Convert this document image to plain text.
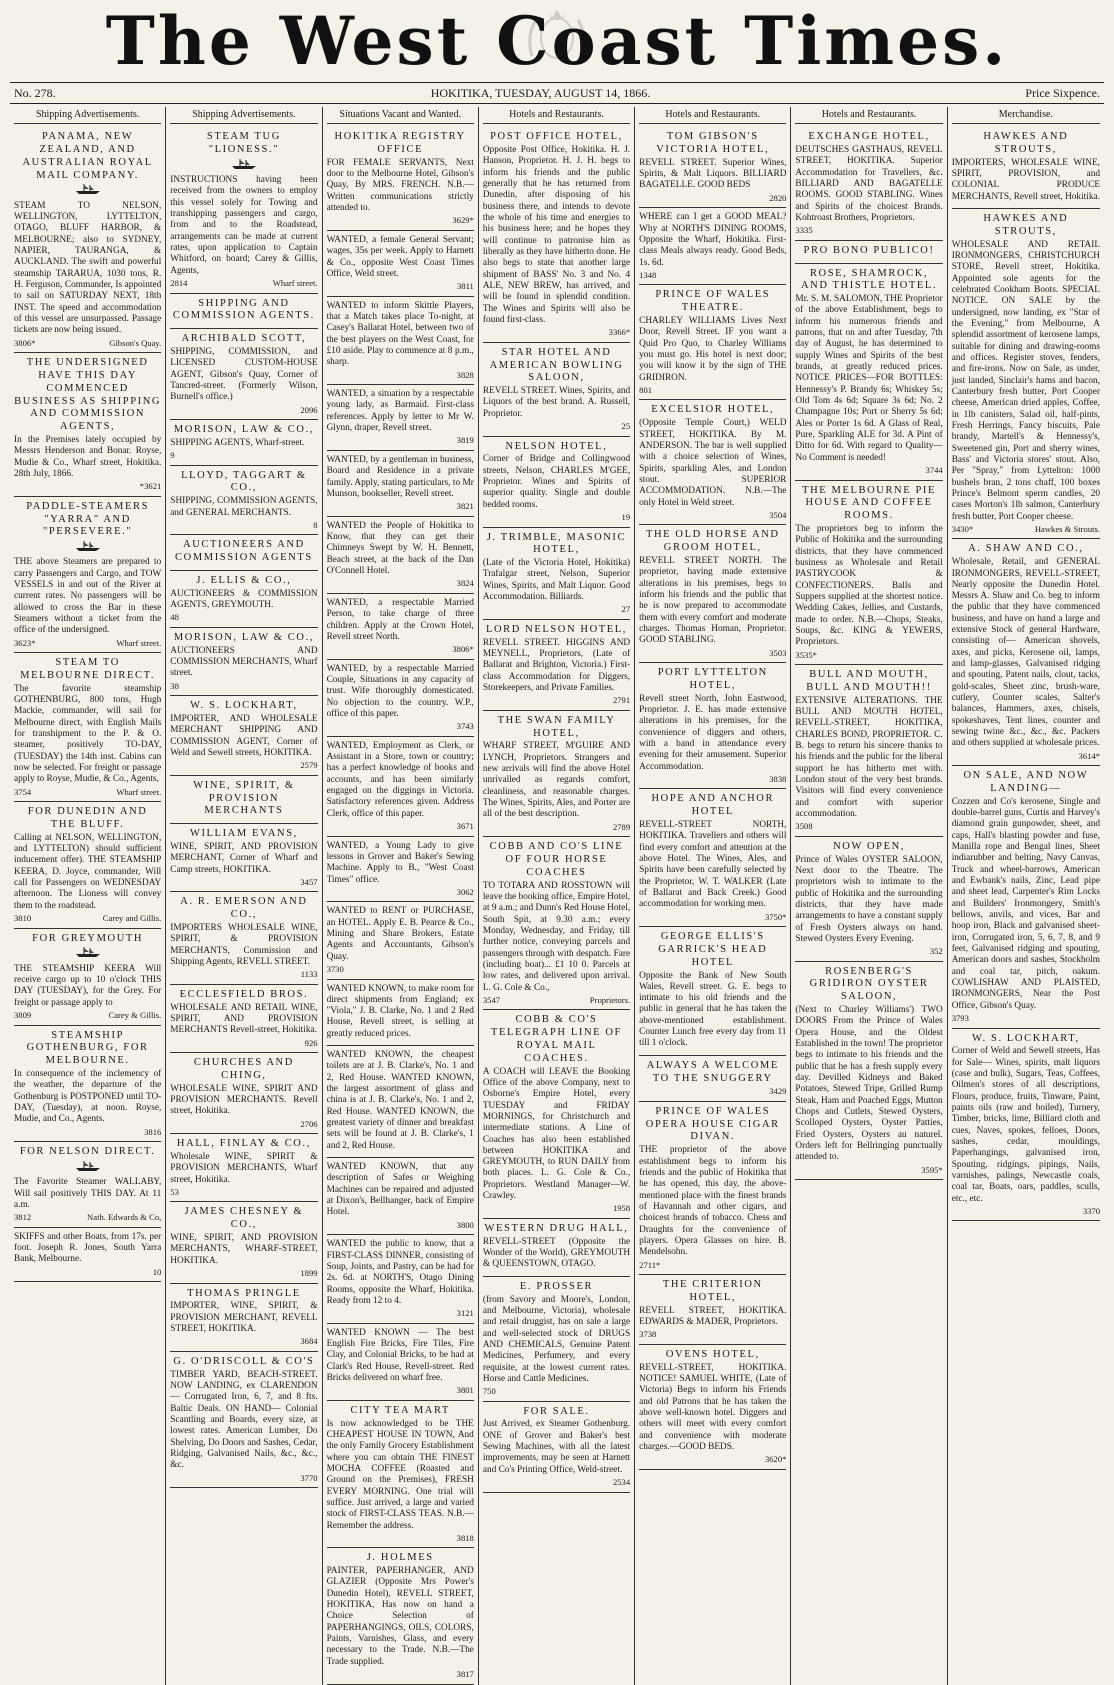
The West Coast Times.
No. 278.	HOKITIKA, TUESDAY, AUGUST 14, 1866.	Price Sixpence.
Shipping Advertisements.
PANAMA, NEW ZEALAND, AND AUSTRALIAN ROYAL MAIL COMPANY.

STEAM TO NELSON, WELLINGTON, LYTTELTON, OTAGO, BLUFF HARBOR, & MELBOURNE; also to SYDNEY, NAPIER, TAURANGA, & AUCKLAND. The swift and powerful steamship TARARUA, 1030 tons, R. H. Ferguson, Commander, Is appointed to sail on SATURDAY NEXT, 18th INST. The speed and accommodation of this vessel are unsurpassed. Passage tickets are now being issued.

3806*	Gibson's Quay.
THE UNDERSIGNED HAVE THIS DAY COMMENCED BUSINESS AS SHIPPING AND COMMISSION AGENTS,

In the Premises lately occupied by Messrs Henderson and Bonar. Royse, Mudie & Co., Wharf street, Hokitika. 28th July, 1866.

*3621
PADDLE-STEAMERS "YARRA" AND "PERSEVERE."

THE above Steamers are prepared to carry Passengers and Cargo, and TOW VESSELS in and out of the River at current rates. No passengers will be allowed to cross the Bar in these Steamers without a ticket from the office of the undersigned.

3623*	Wharf street.
STEAM TO MELBOURNE DIRECT.

The favorite steamship GOTHENBURG, 800 tons, Hugh Mackie, commander, will sail for Melbourne direct, with English Mails for transhipment to the P. & O. steamer, positively TO-DAY, (TUESDAY) the 14th inst. Cabins can now be selected. For freight or passage apply to Royse, Mudie, & Co., Agents,

3754	Wharf street.
FOR DUNEDIN AND THE BLUFF.

Calling at NELSON, WELLINGTON, and LYTTELTON) should sufficient inducement offer). THE STEAMSHIP KEERA, D. Joyce, commander, Will call for Passengers on WEDNESDAY afternoon. The Lioness will convey them to the roadstead.

3810	Carey and Gillis.
FOR GREYMOUTH

THE STEAMSHIP KEERA Will receive cargo up to 10 o'clock THIS DAY (TUESDAY), for the Grey. For freight or passage apply to

3809	Carey & Gillis.
STEAMSHIP GOTHENBURG, FOR MELBOURNE.

In consequence of the inclemency of the weather, the departure of the Gothenburg is POSTPONED until TO-DAY, (Tuesday), at noon. Royse, Mudie, and Co., Agents.

3816
FOR NELSON DIRECT.

The Favorite Steamer WALLABY, Will sail positively THIS DAY. At 11 a.m.

3812	Nath. Edwards & Co,

SKIFFS and other Boats, from 17s. per foot. Joseph R. Jones, South Yarra Bank, Melbourne.

10
Shipping Advertisements.
STEAM TUG "LIONESS."

INSTRUCTIONS having been received from the owners to employ this vessel solely for Towing and transhipping passengers and cargo, from and to the Roadstead, arrangements can be made at current rates, upon application to Captain Whitford, on board; Carey & Gillis, Agents,

2814	Wharf street.
SHIPPING AND COMMISSION AGENTS.
ARCHIBALD SCOTT,

SHIPPING, COMMISSION, and LICENSED CUSTOM-HOUSE AGENT, Gibson's Quay, Corner of Tancred-street. (Formerly Wilson, Burnell's office.)

2096
MORISON, LAW & CO.,

SHIPPING AGENTS, Wharf-street.

9
LLOYD, TAGGART & CO.,

SHIPPING, COMMISSION AGENTS, and GENERAL MERCHANTS.

8
AUCTIONEERS AND COMMISSION AGENTS
J. ELLIS & CO.,

AUCTIONEERS & COMMISSION AGENTS, GREYMOUTH.

48
MORISON, LAW & CO.,

AUCTIONEERS AND COMMISSION MERCHANTS, Wharf street.

38
W. S. LOCKHART,

IMPORTER, AND WHOLESALE MERCHANT SHIPPING AND COMMISSION AGENT, Corner of Weld and Sewell streets, HOKITIKA.

2579
WINE, SPIRIT, & PROVISION MERCHANTS
WILLIAM EVANS,

WINE, SPIRIT, AND PROVISION MERCHANT, Corner of Wharf and Camp streets, HOKITIKA.

3457
A. R. EMERSON AND CO.,

IMPORTERS WHOLESALE WINE, SPIRIT, & PROVISION MERCHANTS, Commission and Shipping Agents, REVELL STREET.

1133
ECCLESFIELD BROS.

WHOLESALE AND RETAIL WINE, SPIRIT, AND PROVISION MERCHANTS Revell-street, Hokitika.

926
CHURCHES AND CHING,

WHOLESALE WINE, SPIRIT AND PROVISION MERCHANTS. Revell street, Hokitika.

2706
HALL, FINLAY & CO.,

Wholesale WINE, SPIRIT & PROVISION MERCHANTS, Wharf street, Hokitika.

53
JAMES CHESNEY & CO.,

WINE, SPIRIT, AND PROVISION MERCHANTS, WHARF-STREET, HOKITIKA.

1899
THOMAS PRINGLE

IMPORTER, WINE, SPIRIT, & PROVISION MERCHANT, REVELL STREET, HOKITIKA.

3684
G. O'DRISCOLL & CO'S

TIMBER YARD, BEACH-STREET. NOW LANDING, ex CLARENDON— Corrugated Iron, 6, 7, and 8 fts. Baltic Deals. ON HAND— Colonial Scantling and Boards, every size, at lowest rates. American Lumber, Do Shelving, Do Doors and Sashes, Cedar, Ridging, Galvanised Nails, &c., &c., &c.

3770
Situations Vacant and Wanted.
HOKITIKA REGISTRY OFFICE

FOR FEMALE SERVANTS, Next door to the Melbourne Hotel, Gibson's Quay, By MRS. FRENCH. N.B.—Written communications strictly attended to.

3629*

WANTED, a female General Servant; wages, 35s per week. Apply to Harnett & Co., opposite West Coast Times Office, Weld street.

3811

WANTED to inform Skittle Players, that a Match takes place To-night, at Casey's Ballarat Hotel, between two of the best players on the West Coast, for £10 aside. Play to commence at 8 p.m., sharp.

3828

WANTED, a situation by a respectable young lady, as Barmaid. First-class references. Apply by letter to Mr W. Glynn, draper, Revell street.

3819

WANTED, by a gentleman in business, Board and Residence in a private family. Apply, stating particulars, to Mr Munson, bookseller, Revell street.

3821

WANTED the People of Hokitika to Know, that they can get their Chimneys Swept by W. H. Bennett, Beach street, at the back of the Dan O'Connell Hotel.

3824

WANTED, a respectable Married Person, to take charge of three children. Apply at the Crown Hotel, Revell street North.

3806*

WANTED, by a respectable Married Couple, Situations in any capacity of trust. Wife thoroughly domesticated. No objection to the country. W.P., office of this paper.

3743

WANTED, Employment as Clerk, or Assistant in a Store, town or country; has a perfect knowledge of books and accounts, and has been similarly engaged on the diggings in Victoria. Satisfactory references given. Address Clerk, office of this paper.

3671

WANTED, a Young Lady to give lessons in Grover and Baker's Sewing Machine. Apply to B., "West Coast Times" office.

3062

WANTED to RENT or PURCHASE, an HOTEL. Apply E. B. Pearce & Co., Mining and Share Brokers, Estate Agents and Accountants, Gibson's Quay.

3730

WANTED KNOWN, to make room for direct shipments from England; ex "Viola," J. B. Clarke, No. 1 and 2 Red House, Revell street, is selling at greatly reduced prices.

WANTED KNOWN, the cheapest toilets are at J. B. Clarke's, No. 1 and 2, Red House. WANTED KNOWN, the largest assortment of glass and china is at J. B. Clarke's, No. 1 and 2, Red House. WANTED KNOWN, the greatest variety of dinner and breakfast sets will be found at J. B. Clarke's, 1 and 2, Red House.

WANTED KNOWN, that any description of Safes or Weighing Machines can be repaired and adjusted at Dixon's, Bellhanger, back of Empire Hotel.

3800

WANTED the public to know, that a FIRST-CLASS DINNER, consisting of Soup, Joints, and Pastry, can be had for 2s. 6d. at NORTH'S, Otago Dining Rooms, opposite the Wharf, Hokitika. Ready from 12 to 4.

3121

WANTED KNOWN — The best English Fire Bricks, Fire Tiles, Fire Clay, and Colonial Bricks, to be had at Clark's Red House, Revell-street. Red Bricks delivered on wharf free.

3801
CITY TEA MART

Is now acknowledged to be THE CHEAPEST HOUSE IN TOWN, And the only Family Grocery Establishment where you can obtain THE FINEST MOCHA COFFEE (Roasted and Ground on the Premises), FRESH EVERY MORNING. One trial will suffice. Just arrived, a large and varied stock of FIRST-CLASS TEAS. N.B.—Remember the address.

3818
J. HOLMES

PAINTER, PAPERHANGER, AND GLAZIER (Opposite Mrs Power's Dunedin Hotel), REVELL STREET, HOKITIKA, Has now on hand a Choice Selection of PAPERHANGINGS, OILS, COLORS, Paints, Varnishes, Glass, and every necessary to the Trade. N.B.—The Trade supplied.

3817
Hotels and Restaurants.
POST OFFICE HOTEL,

Opposite Post Office, Hokitika. H. J. Hanson, Proprietor. H. J. H. begs to inform his friends and the public generally that he has returned from Dunedin, after disposing of his business there, and intends to devote the whole of his time and energies to his business here; and he hopes they will continue to patronise him as liberally as they have hitherto done. He also begs to state that another large shipment of BASS' No. 3 and No. 4 ALE, NEW BREW, has arrived, and will be found in splendid condition. The Wines and Spirits will also be found first-class.

3366*
STAR HOTEL AND AMERICAN BOWLING SALOON,

REVELL STREET. Wines, Spirits, and Liquors of the best brand. A. Russell, Proprietor.

25
NELSON HOTEL,

Corner of Bridge and Collingwood streets, Nelson, CHARLES M'GEE, Proprietor. Wines and Spirits of superior quality. Single and double bedded rooms.

19
J. TRIMBLE, MASONIC HOTEL,

(Late of the Victoria Hotel, Hokitika) Trafalgar street, Nelson, Superior Wines, Spirits, and Malt Liquor. Good Accommodation. Billiards.

27
LORD NELSON HOTEL,

REVELL STREET. HIGGINS AND MEYNELL, Proprietors, (Late of Ballarat and Brighton, Victoria.) First-class Accommodation for Diggers, Storekeepers, and Private Families.

2791
THE SWAN FAMILY HOTEL,

WHARF STREET, M'GUIRE AND LYNCH, Proprietors. Strangers and new arrivals will find the above Hotel unrivalled as regards comfort, cleanliness, and reasonable charges. The Wines, Spirits, Ales, and Porter are all of the best description.

2789
COBB AND CO'S LINE OF FOUR HORSE COACHES

TO TOTARA AND ROSSTOWN will leave the booking office, Empire Hotel, at 9 a.m.; and Dunn's Red House Hotel, South Spit, at 9.30 a.m.; every Monday, Wednesday, and Friday, till further notice, conveying parcels and passengers through with despatch. Fare (including boat)... £1 10 0. Parcels at low rates, and delivered upon arrival. L. G. Cole & Co.,

3547	Proprietors.
COBB & CO'S TELEGRAPH LINE OF ROYAL MAIL COACHES.

A COACH will LEAVE the Booking Office of the above Company, next to Osborne's Empire Hotel, every TUESDAY and FRIDAY MORNINGS, for Christchurch and intermediate stations. A Line of Coaches has also been established between HOKITIKA and GREYMOUTH, to RUN DAILY from both places. L. G. Cole & Co., Proprietors. Westland Manager—W. Crawley.

1958
WESTERN DRUG HALL,

REVELL-STREET (Opposite the Wonder of the World), GREYMOUTH & QUEENSTOWN, OTAGO.

E. PROSSER

(from Savory and Moore's, London, and Melbourne, Victoria), wholesale and retail druggist, has on sale a large and well-selected stock of DRUGS AND CHEMICALS, Genuine Patent Medicines, Perfumery, and every requisite, at the lowest current rates. Horse and Cattle Medicines.

750
FOR SALE.

Just Arrived, ex Steamer Gothenburg. ONE of Grover and Baker's best Sewing Machines, with all the latest improvements, may be seen at Harnett and Co's Printing Office, Weld-street.

2534
Hotels and Restaurants.
TOM GIBSON'S VICTORIA HOTEL,

REVELL STREET. Superior Wines, Spirits, & Malt Liquors. BILLIARD BAGATELLE. GOOD BEDS

2820

WHERE can I get a GOOD MEAL? Why at NORTH'S DINING ROOMS, Opposite the Wharf, Hokitika. First-class Meals always ready. Good Beds, 1s. 6d.

1348
PRINCE OF WALES THEATRE.

CHARLEY WILLIAMS Lives Next Door, Revell Street. IF you want a Quid Pro Quo, to Charley Williams you must go. His hotel is next door; you will know it by the sign of THE GRIDIRON.

801
EXCELSIOR HOTEL,

(Opposite Temple Court,) WELD STREET, HOKITIKA. By M. ANDERSON. The bar is well supplied with a choice selection of Wines, Spirits, sparkling Ales, and London stout. SUPERIOR ACCOMMODATION. N.B.—The only Hotel in Weld street.

3504
THE OLD HORSE AND GROOM HOTEL,

REVELL STREET NORTH. The proprietor, having made extensive alterations in his premises, begs to inform his friends and the public that he is now prepared to accommodate them with every comfort and moderate charges. Thomas Homan, Proprietor. GOOD STABLING.

3503
PORT LYTTELTON HOTEL,

Revell street North, John Eastwood, Proprietor. J. E. has made extensive alterations in his premises, for the convenience of diggers and others, with a band in attendance every evening for their amusement. Superior Accommodation.

3838
HOPE AND ANCHOR HOTEL

REVELL-STREET NORTH, HOKITIKA. Travellers and others will find every comfort and attention at the above Hotel. The Wines, Ales, and Spirits have been carefully selected by the Proprietor, W. T. WALKER (Late of Ballarat and Back Creek.) Good accommodation for working men.

3750*
GEORGE ELLIS'S GARRICK'S HEAD HOTEL

Opposite the Bank of New South Wales, Revell street. G. E. begs to intimate to his old friends and the public in general that he has taken the above-mentioned establishment. Counter Lunch free every day from 11 till 1 o'clock.

ALWAYS A WELCOME TO THE SNUGGERY
3429
PRINCE OF WALES OPERA HOUSE CIGAR DIVAN.

THE proprietor of the above establishment begs to inform his friends and the public of Hokitika that he has opened, this day, the above-mentioned place with the finest brands of Havannah and other cigars, and choicest brands of tobacco. Chess and Draughts for the convenience of players. Opera Glasses on hire. B. Mendelsohn.

2711*
THE CRITERION HOTEL,

REVELL STREET, HOKITIKA. EDWARDS & MADER, Proprietors.

3738
OVENS HOTEL,

REVELL-STREET, HOKITIKA. NOTICE! SAMUEL WHITE, (Late of Victoria) Begs to inform his Friends and old Patrons that he has taken the above well-known hotel. Diggers and others will meet with every comfort and convenience with moderate charges.—GOOD BEDS.

3620*
Hotels and Restaurants.
EXCHANGE HOTEL,

DEUTSCHES GASTHAUS, REVELL STREET, HOKITIKA. Superior Accommodation for Travellers, &c. BILLIARD AND BAGATELLE ROOMS. GOOD STABLING. Wines and Spirits of the choicest Brands. Kohtroast Brothers, Proprietors.

3335
PRO BONO PUBLICO!
ROSE, SHAMROCK, AND THISTLE HOTEL.

Mr. S. M. SALOMON, THE Proprietor of the above Establishment, begs to inform his numerous friends and patrons, that on and after Tuesday, 7th day of August, he has determined to supply Wines and Spirits of the best brands, at greatly reduced prices. NOTICE PRICES—FOR BOTTLES: Hennessy's P. Brandy 6s; Whiskey 5s; Old Tom 4s 6d; Square 3s 6d; No. 2 Champagne 10s; Port or Sherry 5s 6d; Ales or Porter 1s 6d. A Glass of Real, Pure, Sparkling ALE for 3d. A Pint of Ditto for 6d. With regard to Quality—No Comment is needed!

3744
THE MELBOURNE PIE HOUSE AND COFFEE ROOMS.

The proprietors beg to inform the Public of Hokitika and the surrounding districts, that they have commenced business as Wholesale and Retail PASTRYCOOK & CONFECTIONERS. Balls and Suppers supplied at the shortest notice. Wedding Cakes, Jellies, and Custards, made to order. N.B.—Chops, Steaks, Soups, &c. KING & YEWERS, Proprietors.

3535*
BULL AND MOUTH, BULL AND MOUTH!!

EXTENSIVE ALTERATIONS. THE BULL AND MOUTH HOTEL, REVELL-STREET, HOKITIKA, CHARLES BOND, PROPRIETOR. C. B. begs to return his sincere thanks to his friends and the public for the liberal support he has hitherto met with. London stout of the very best brands. Visitors will find every convenience and comfort with superior accommodation.

3508
NOW OPEN,

Prince of Wales OYSTER SALOON, Next door to the Theatre. The proprietors wish to intimate to the public of Hokitika and the surrounding districts, that they have made arrangements to have a constant supply of Fresh Oysters always on hand. Stewed Oysters Every Evening.

352
ROSENBERG'S GRIDIRON OYSTER SALOON,

(Next to Charley Williams') TWO DOORS From the Prince of Wales Opera House, and the Oldest Established in the town! The proprietor begs to intimate to his friends and the public that he has a fresh supply every day. Devilled Kidneys and Baked Potatoes, Stewed Tripe, Grilled Rump Steak, Ham and Poached Eggs, Mutton Chops and Cutlets, Stewed Oysters, Scolloped Oysters, Oyster Patties, Fried Oysters, Oysters au naturel. Orders left for Bellringing punctually attended to.

3595*
Merchandise.
HAWKES AND STROUTS,

IMPORTERS, WHOLESALE WINE, SPIRIT, PROVISION, and COLONIAL PRODUCE MERCHANTS, Revell street, Hokitika.

HAWKES AND STROUTS,

WHOLESALE AND RETAIL IRONMONGERS, CHRISTCHURCH STORE, Revell street, Hokitika. Appointed sole agents for the celebrated Cookham Boots. SPECIAL NOTICE. ON SALE by the undersigned, now landing, ex "Star of the Evening," from Melbourne, A splendid assortment of kerosene lamps, suitable for dining and drawing-rooms and offices. Register stoves, fenders, and fire-irons. Now on Sale, as under, just landed, Sinclair's hams and bacon, Canterbury fresh butter, Port Cooper cheese, American dried apples, Coffee, in 1lb canisters, Salad oil, half-pints, Fresh Herrings, Fancy biscuits, Pale brandy, Martell's & Hennessy's, Sweetened gin, Port and sherry wines, Bass' and Victoria stores' stout. Also, Per "Spray," from Lyttelton: 1000 bushels bran, 2 tons chaff, 100 boxes Prince's Belmont sperm candles, 20 cases Morton's 1lb salmon, Canterbury fresh butter, Port Cooper cheese.

3430*	Hawkes & Strouts.
A. SHAW AND CO.,

Wholesale, Retail, and GENERAL IRONMONGERS, REVELL-STREET, Nearly opposite the Dunedin Hotel. Messrs A. Shaw and Co. beg to inform the public that they have commenced business, and have on hand a large and extensive Stock of general Hardware, consisting of— American shovels, axes, and picks, Kerosene oil, lamps, and lamp-glasses, Galvanised ridging and spouting, Patent nails, clout, tacks, gold-scales, Sheet zinc, brush-ware, cutlery, Counter scales, Salter's balances, Hammers, axes, chisels, spokeshaves, Tent lines, counter and sewing twine &c., &c., &c. Packers and others supplied at wholesale prices.

3614*
ON SALE, AND NOW LANDING—

Cozzen and Co's kerosene, Single and double-barrel guns, Curtis and Harvey's diamond grain gunpowder, sheet, and caps, Hall's blasting powder and fuse, Manilla rope and Bengal lines, Sheet indiarubber and belting, Navy Canvas, Truck and wheel-barrows, American and Ewbank's nails, Zinc, Lead pipe and sheet lead, Carpenter's Rim Locks and Builders' Ironmongery, Smith's bellows, anvils, and vices, Bar and hoop iron, Black and galvanised sheet-iron, Corrugated iron, 5, 6, 7, 8, and 9 feet, Galvanised ridging and spouting, American doors and sashes, Stockholm and coal tar, pitch, oakum. COWLISHAW AND PLAISTED, IRONMONGERS, Near the Post Office, Gibson's Quay.

3793
W. S. LOCKHART,

Corner of Weld and Sewell streets, Has for Sale— Wines, spirits, malt liquors (case and bulk), Sugars, Teas, Coffees, Oilmen's stores of all descriptions, Flours, produce, fruits, Tinware, Paint, paints oils (raw and boiled), Turnery, Timber, bricks, lime, Billiard cloth and cues, Naves, spokes, felloes, Doors, sashes, cedar, mouldings, Paperhangings, galvanised iron, Spouting, ridgings, pipings, Nails, varnishes, palings, Newcastle coals, coal tar, Boats, oars, paddles, sculls, etc., etc.

3370
